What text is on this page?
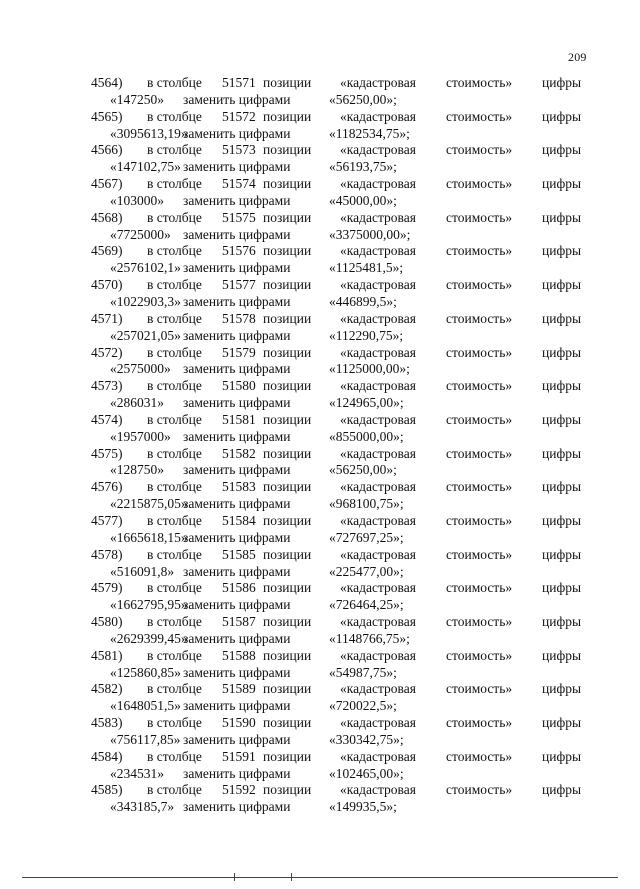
209
4564) в столбце 51571	«кадастровая стоимость» цифры
позиции
«147250» заменить цифрами	«56250,00»;
4565) в столбце 51572	«кадастровая стоимость» цифры
позиции
«3095613,19»
заменить цифрами	«1182534,75»;
4566) в столбце 51573	«кадастровая стоимость» цифры
позиции
«147102,75» заменить цифрами	«56193,75»;
4567) в столбце 51574	«кадастровая стоимость» цифры
позиции
«103000» заменить цифрами	«45000,00»;
4568) в столбце 51575	«кадастровая стоимость» цифры
позиции
«7725000» заменить цифрами	«3375000,00»;
4569) в столбце 51576	«кадастровая стоимость» цифры
позиции
«2576102,1» заменить цифрами	«1125481,5»;
4570) в столбце 51577	«кадастровая стоимость» цифры
позиции
«1022903,3» заменить цифрами	«446899,5»;
4571) в столбце 51578	«кадастровая стоимость» цифры
позиции
«257021,05» заменить цифрами	«112290,75»;
4572) в столбце 51579	«кадастровая стоимость» цифры
позиции
«2575000» заменить цифрами	«1125000,00»;
4573) в столбце 51580	«кадастровая стоимость» цифры
позиции
«286031» заменить цифрами	«124965,00»;
4574) в столбце 51581	«кадастровая стоимость» цифры
позиции
«1957000» заменить цифрами	«855000,00»;
4575) в столбце 51582	«кадастровая стоимость» цифры
позиции
«128750» заменить цифрами	«56250,00»;
4576) в столбце 51583	«кадастровая стоимость» цифры
позиции
«2215875,05»
заменить цифрами	«968100,75»;
4577) в столбце 51584	«кадастровая стоимость» цифры
позиции
«1665618,15»
заменить цифрами	«727697,25»;
4578) в столбце 51585	«кадастровая стоимость» цифры
позиции
«516091,8» заменить цифрами	«225477,00»;
4579) в столбце 51586	«кадастровая стоимость» цифры
позиции
«1662795,95»
заменить цифрами	«726464,25»;
4580) в столбце 51587	«кадастровая стоимость» цифры
позиции
«2629399,45»
заменить цифрами	«1148766,75»;
4581) в столбце 51588	«кадастровая стоимость» цифры
позиции
«125860,85» заменить цифрами	«54987,75»;
4582) в столбце 51589	«кадастровая стоимость» цифры
позиции
«1648051,5» заменить цифрами	«720022,5»;
4583) в столбце 51590	«кадастровая стоимость» цифры
позиции
«756117,85» заменить цифрами	«330342,75»;
4584) в столбце 51591	«кадастровая стоимость» цифры
позиции
«234531» заменить цифрами	«102465,00»;
4585) в столбце 51592	«кадастровая стоимость» цифры
позиции
«343185,7» заменить цифрами	«149935,5»;
